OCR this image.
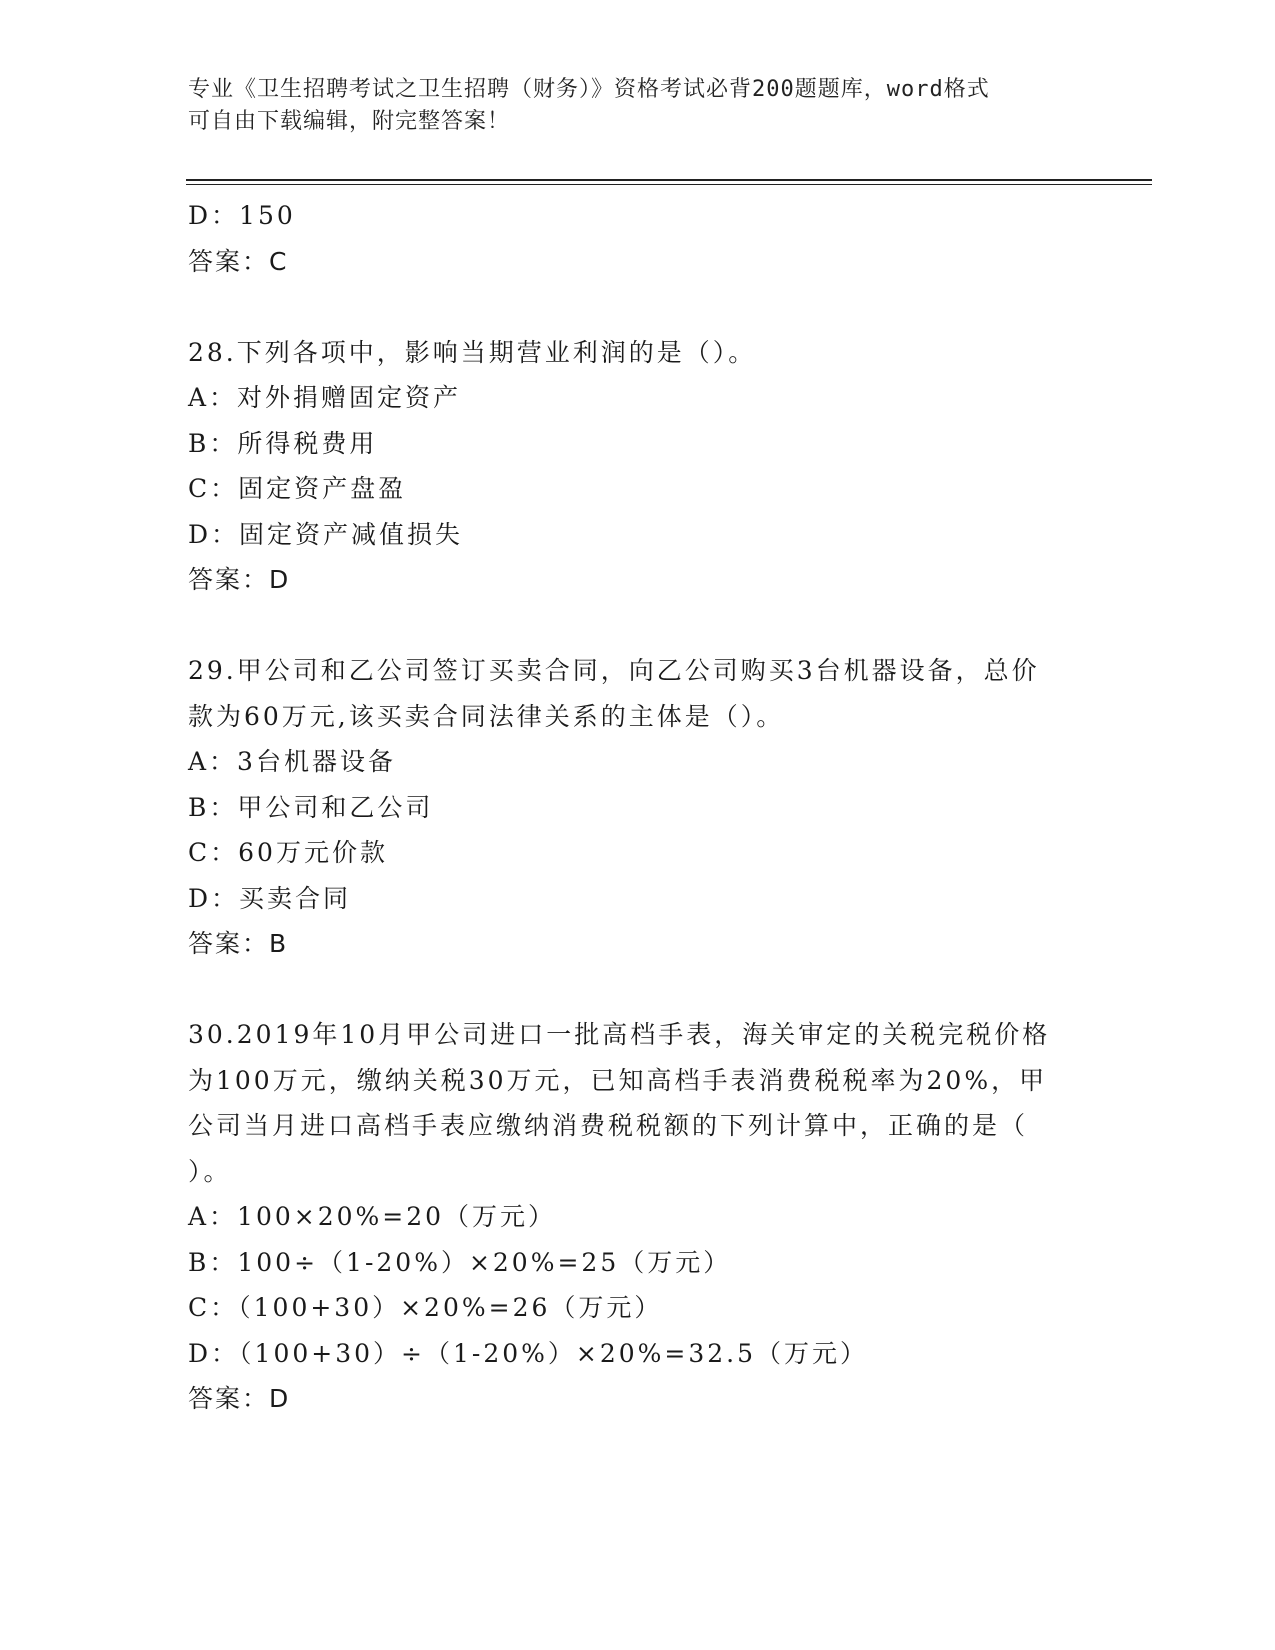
专业《卫生招聘考试之卫生招聘（财务）》资格考试必背200题题库，word格式
可自由下载编辑，附完整答案！
D：150
答案：C
28.下列各项中，影响当期营业利润的是（）。
A：对外捐赠固定资产
B：所得税费用
C：固定资产盘盈
D：固定资产减值损失
答案：D
29.甲公司和乙公司签订买卖合同，向乙公司购买3台机器设备，总价
款为60万元,该买卖合同法律关系的主体是（）。
A：3台机器设备
B：甲公司和乙公司
C：60万元价款
D：买卖合同
答案：B
30.2019年10月甲公司进口一批高档手表，海关审定的关税完税价格
为100万元，缴纳关税30万元，已知高档手表消费税税率为20%，甲
公司当月进口高档手表应缴纳消费税税额的下列计算中，正确的是（
）。
A：100×20%=20（万元）
B：100÷（1-20%）×20%=25（万元）
C：（100+30）×20%=26（万元）
D：（100+30）÷（1-20%）×20%=32.5（万元）
答案：D
